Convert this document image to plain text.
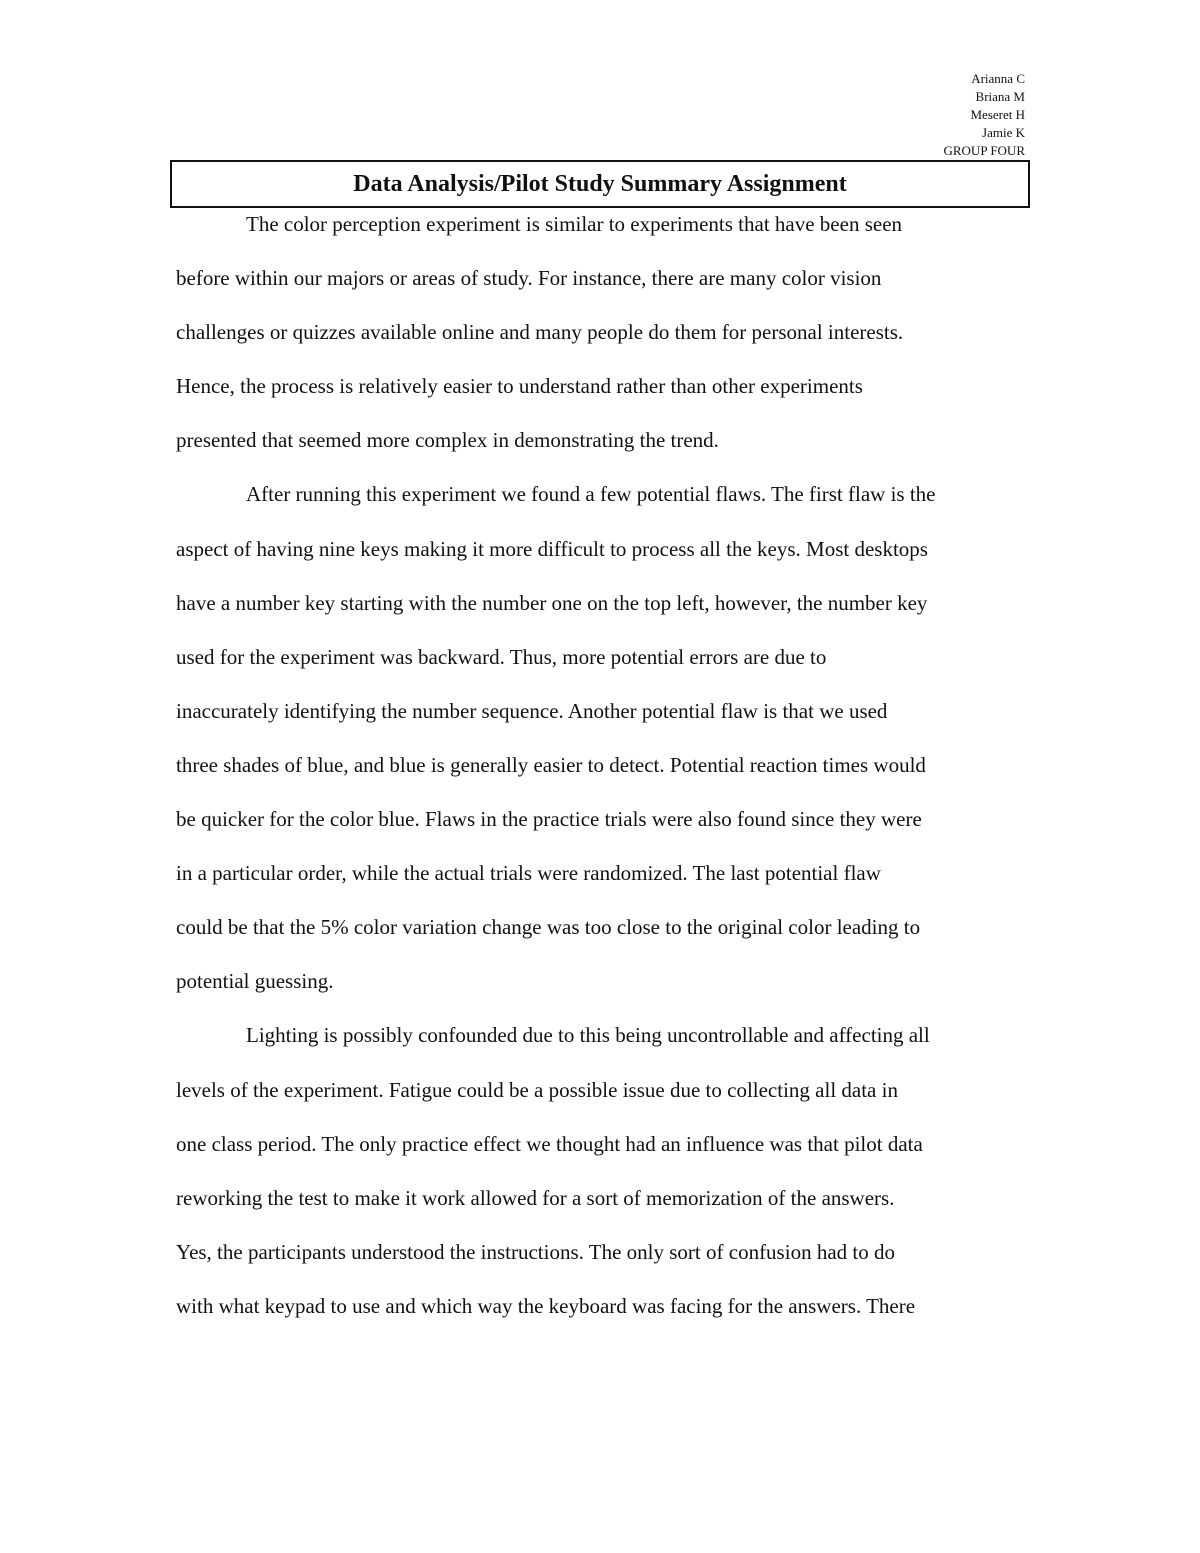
Arianna C
Briana M
Meseret H
Jamie K
GROUP FOUR
Data Analysis/Pilot Study Summary Assignment
The color perception experiment is similar to experiments that have been seen
before within our majors or areas of study. For instance, there are many color vision
challenges or quizzes available online and many people do them for personal interests.
Hence, the process is relatively easier to understand rather than other experiments
presented that seemed more complex in demonstrating the trend.
After running this experiment we found a few potential flaws. The first flaw is the
aspect of having nine keys making it more difficult to process all the keys. Most desktops
have a number key starting with the number one on the top left, however, the number key
used for the experiment was backward. Thus, more potential errors are due to
inaccurately identifying the number sequence. Another potential flaw is that we used
three shades of blue, and blue is generally easier to detect. Potential reaction times would
be quicker for the color blue. Flaws in the practice trials were also found since they were
in a particular order, while the actual trials were randomized. The last potential flaw
could be that the 5% color variation change was too close to the original color leading to
potential guessing.
Lighting is possibly confounded due to this being uncontrollable and affecting all
levels of the experiment. Fatigue could be a possible issue due to collecting all data in
one class period. The only practice effect we thought had an influence was that pilot data
reworking the test to make it work allowed for a sort of memorization of the answers.
Yes, the participants understood the instructions. The only sort of confusion had to do
with what keypad to use and which way the keyboard was facing for the answers. There
